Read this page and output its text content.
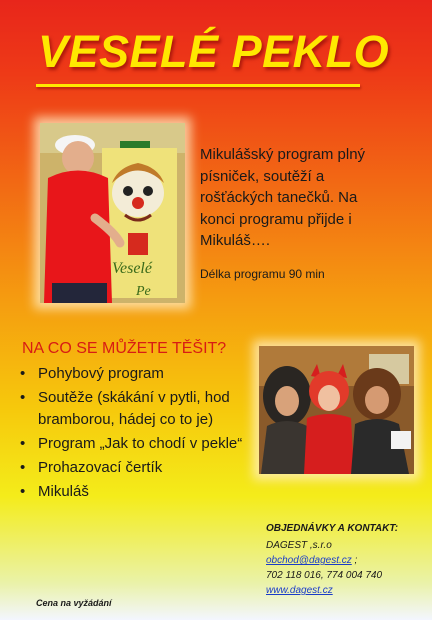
VESELÉ PEKLO
Veselé
Pe
Mikulášský program plný písniček, soutěží a rošťáckých tanečků. Na konci programu přijde i Mikuláš….
Délka programu 90 min
NA CO SE MŮŽETE TĚŠIT?
• Pohybový program
• Soutěže (skákání v pytli, hod bramborou, hádej co to je)
• Program „Jak to chodí v pekle“
• Prohazovací čertík
• Mikuláš
OBJEDNÁVKY A KONTAKT:
DAGEST ,s.r.o
obchod@dagest.cz ;
702 118 016, 774 004 740
www.dagest.cz
Cena na vyžádání
